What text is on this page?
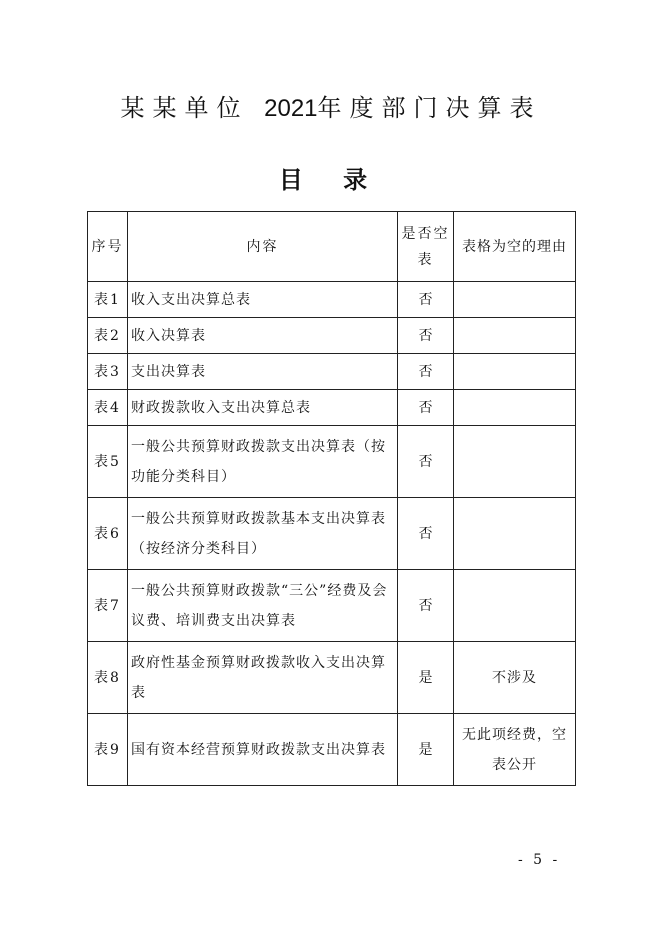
某某单位 2021年度部门决算表
目 录
序号	内容	是否空表	表格为空的理由
表1	收入支出决算总表	否	
表2	收入决算表	否	
表3	支出决算表	否	
表4	财政拨款收入支出决算总表	否	
表5	一般公共预算财政拨款支出决算表（按功能分类科目）	否	
表6	一般公共预算财政拨款基本支出决算表 （按经济分类科目）	否	
表7	一般公共预算财政拨款“三公”经费及会议费、培训费支出决算表	否	
表8	政府性基金预算财政拨款收入支出决算表	是	不涉及
表9	国有资本经营预算财政拨款支出决算表	是	无此项经费，空表公开
- 5 -
